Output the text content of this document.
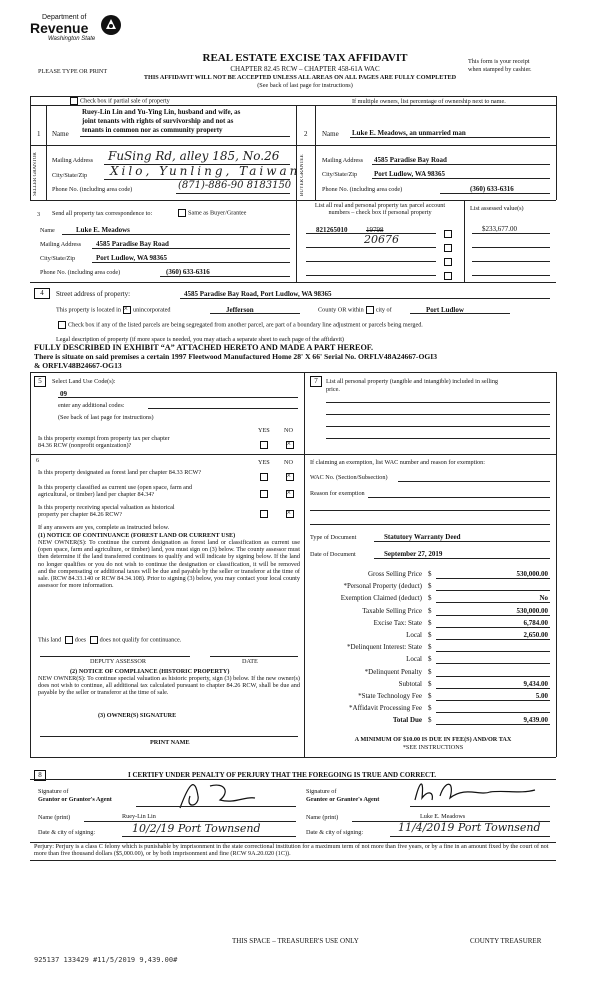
Department of
Revenue
Washington State
REAL ESTATE EXCISE TAX AFFIDAVIT
CHAPTER 82.45 RCW – CHAPTER 458-61A WAC
PLEASE TYPE OR PRINT
This form is your receipt
when stamped by cashier.
THIS AFFIDAVIT WILL NOT BE ACCEPTED UNLESS ALL AREAS ON ALL PAGES ARE FULLY COMPLETED
(See back of last page for instructions)
Check box if partial sale of property	If multiple owners, list percentage of ownership next to name.
1 Name
Ruey-Lin Lin and Yu-Ying Lin, husband and wife, as
joint tenants with rights of survivorship and not as
tenants in common nor as community property
SELLER GRANTOR Mailing Address FuSing Rd, alley 185, No.26
City/State/Zip Xilo, Yunling, Taiwan
Phone No. (including area code)	(871)-886-90 8183150
2 Name Luke E. Meadows, an unmarried man
BUYER GRANTEE	Mailing Address 4585 Paradise Bay Road
City/State/Zip Port Ludlow, WA 98365
Phone No. (including area code)	(360) 633-6316
3 Send all property tax correspondence to:	Same as Buyer/Grantee
Name	Luke E. Meadows
Mailing Address 4585 Paradise Bay Road
City/State/Zip	Port Ludlow, WA 98365
Phone No. (including area code)	(360) 633-6316
List all real and personal property tax parcel account
numbers – check box if personal property
List assessed value(s)
821265010	19798
20676
$233,677.00
4	Street address of property:	4585 Paradise Bay Road, Port Ludlow, WA 98365
This property is located in× unincorporated	Jefferson	County OR within city of	Port Ludlow
Check box if any of the listed parcels are being segregated from another parcel, are part of a boundary line adjustment or parcels being merged.
Legal description of property (if more space is needed, you may attach a separate sheet to each page of the affidavit)
FULLY DESCRIBED IN EXHIBIT “A” ATTACHED HERETO AND MADE A PART HEREOF.
There is situate on said premises a certain 1997 Fleetwood Manufactured Home 28' X 66' Serial No. ORFLV48A24667-OGI3
& ORFLV48B24667-OG13
5	Select Land Use Code(s):
09
enter any additional codes:
(See back of last page for instructions)
YES NO
Is this property exempt from property tax per chapter
84.36 RCW (nonprofit organization)?
×
6	YES NO
Is this property designated as forest land per chapter 84.33 RCW?
×
Is this property classified as current use (open space, farm and
agricultural, or timber) land per chapter 84.34?
×
Is this property receiving special valuation as historical
property per chapter 84.26 RCW?
×
If any answers are yes, complete as instructed below.
(1) NOTICE OF CONTINUANCE (FOREST LAND OR CURRENT USE)
NEW OWNER(S): To continue the current designation as forest land or classification as current use (open space, farm and agriculture, or timber) land, you must sign on (3) below. The county assessor must then determine if the land transferred continues to qualify and will indicate by signing below. If the land no longer qualifies or you do not wish to continue the designation or classification, it will be removed and the compensating or additional taxes will be due and payable by the seller or transferor at the time of sale. (RCW 84.33.140 or RCW 84.34.108). Prior to signing (3) below, you may contact your local county assessor for more information.
This land does does not qualify for continuance.
DEPUTY ASSESSOR	DATE
(2) NOTICE OF COMPLIANCE (HISTORIC PROPERTY)
NEW OWNER(S): To continue special valuation as historic property, sign (3) below. If the new owner(s) does not wish to continue, all additional tax calculated pursuant to chapter 84.26 RCW, shall be due and payable by the seller or transferor at the time of sale.
(3) OWNER(S) SIGNATURE
PRINT NAME
7	List all personal property (tangible and intangible) included in selling
price.
If claiming an exemption, list WAC number and reason for exemption:
WAC No. (Section/Subsection)
Reason for exemption
Type of Document	Statutory Warranty Deed
Date of Document	September 27, 2019
Gross Selling Price $	530,000.00
*Personal Property (deduct) $
Exemption Claimed (deduct) $	No
Taxable Selling Price $	530,000.00
Excise Tax: State $	6,784.00
Local $	2,650.00
*Delinquent Interest: State $
Local $
*Delinquent Penalty $
Subtotal $	9,434.00
*State Technology Fee $	5.00
*Affidavit Processing Fee $
Total Due $	9,439.00
A MINIMUM OF $10.00 IS DUE IN FEE(S) AND/OR TAX
*SEE INSTRUCTIONS
8	I CERTIFY UNDER PENALTY OF PERJURY THAT THE FOREGOING IS TRUE AND CORRECT.
Signature of
Grantor or Grantor's Agent
Signature of
Grantee or Grantee's Agent
Name (print)	Ruey-Lin Lin	Name (print)	Luke E. Meadows
Date & city of signing:	10/2/19 Port Townsend	Date & city of signing:	11/4/2019 Port Townsend
Perjury: Perjury is a class C felony which is punishable by imprisonment in the state correctional institution for a maximum term of not more than five years, or by a fine in an amount fixed by the court of not more than five thousand dollars ($5,000.00), or by both imprisonment and fine (RCW 9A.20.020 (1C)).
THIS SPACE – TREASURER'S USE ONLY	COUNTY TREASURER
925137 133429 #11/5/2019 9,439.00#
